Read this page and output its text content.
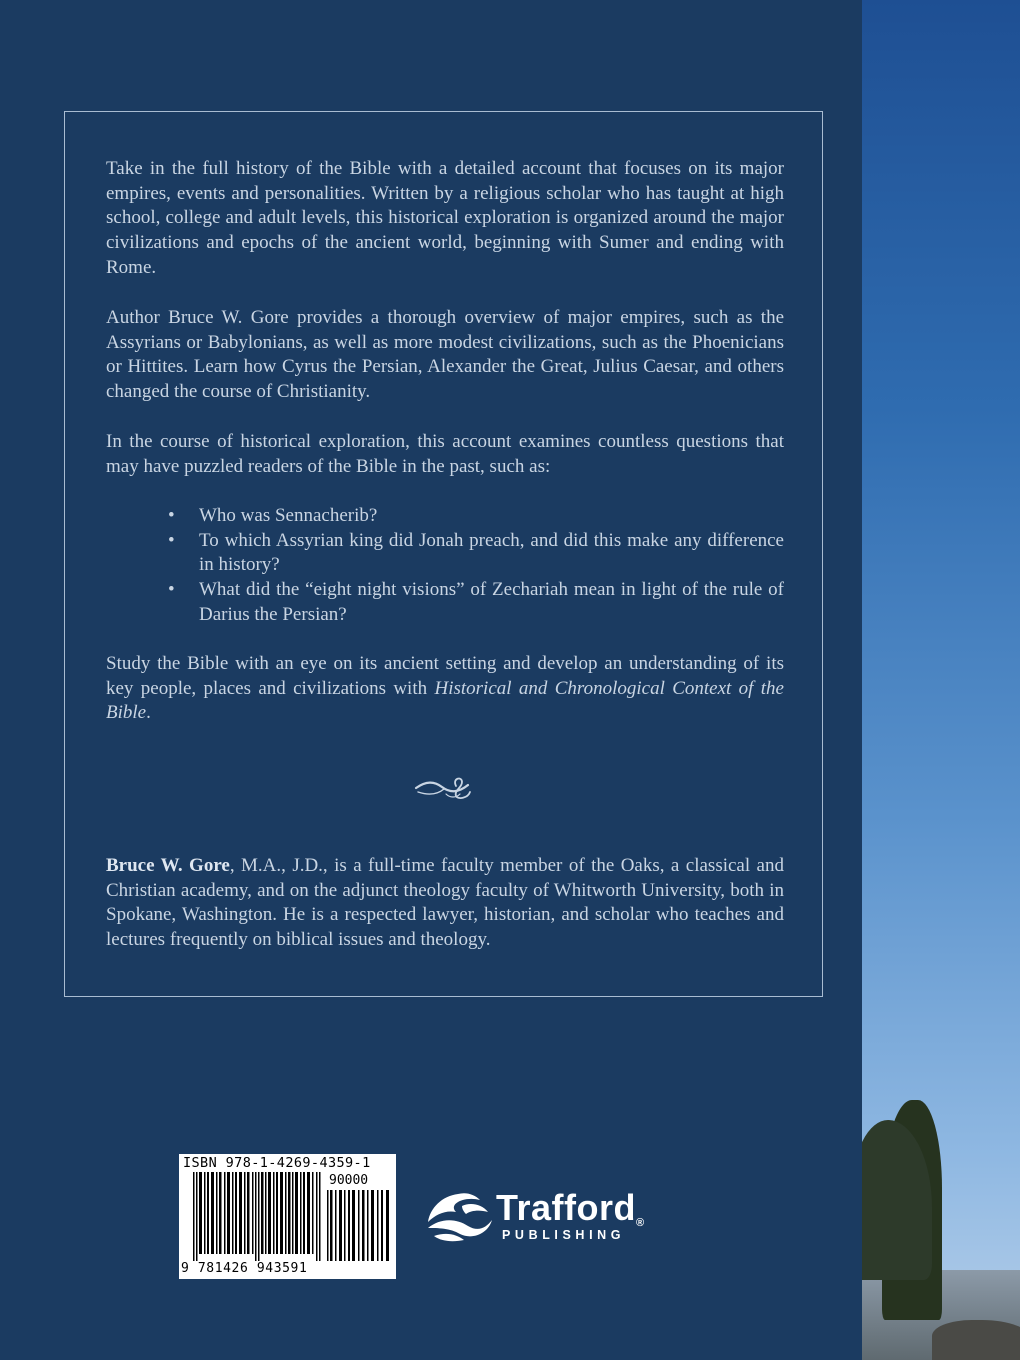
Take in the full history of the Bible with a detailed account that focuses on its major empires, events and personalities. Written by a religious scholar who has taught at high school, college and adult levels, this historical exploration is organized around the major civilizations and epochs of the ancient world, beginning with Sumer and ending with Rome.
Author Bruce W. Gore provides a thorough overview of major empires, such as the Assyrians or Babylonians, as well as more modest civilizations, such as the Phoenicians or Hittites. Learn how Cyrus the Persian, Alexander the Great, Julius Caesar, and others changed the course of Christianity.
In the course of historical exploration, this account examines countless questions that may have puzzled readers of the Bible in the past, such as:
• Who was Sennacherib?
• To which Assyrian king did Jonah preach, and did this make any difference in history?
• What did the “eight night visions” of Zechariah mean in light of the rule of Darius the Persian?
Study the Bible with an eye on its ancient setting and develop an understanding of its key people, places and civilizations with Historical and Chronological Context of the Bible.
Bruce W. Gore, M.A., J.D., is a full-time faculty member of the Oaks, a classical and Christian academy, and on the adjunct theology faculty of Whitworth University, both in Spokane, Washington. He is a respected lawyer, historian, and scholar who teaches and lectures frequently on biblical issues and theology.
ISBN 978-1-4269-4359-1
90000
9 781426 943591
Trafford®
PUBLISHING
